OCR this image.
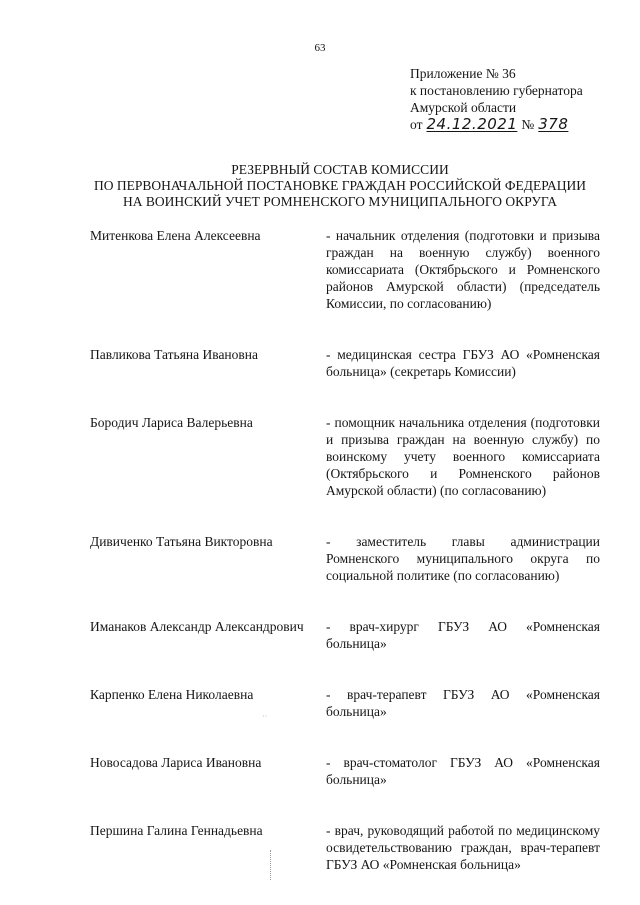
63
Приложение № 36
к постановлению губернатора
Амурской области
от 24.12.2021 № 378
РЕЗЕРВНЫЙ СОСТАВ КОМИССИИ
ПО ПЕРВОНАЧАЛЬНОЙ ПОСТАНОВКЕ ГРАЖДАН РОССИЙСКОЙ ФЕДЕРАЦИИ
НА ВОИНСКИЙ УЧЕТ РОМНЕНСКОГО МУНИЦИПАЛЬНОГО ОКРУГА
Митенкова Елена Алексеевна	- начальник отделения (подготовки и призыва граждан на военную службу) военного комиссариата (Октябрьского и Ромненского районов Амурской области) (председатель Комиссии, по согласованию)
Павликова Татьяна Ивановна	- медицинская сестра ГБУЗ АО «Ромненская больница» (секретарь Комиссии)
Бородич Лариса Валерьевна	- помощник начальника отделения (подготовки и призыва граждан на военную службу) по воинскому учету военного комиссариата (Октябрьского и Ромненского районов Амурской области) (по согласованию)
Дивиченко Татьяна Викторовна	- заместитель главы администрации Ромненского муниципального округа по социальной политике (по согласованию)
Иманаков Александр Александрович	- врач-хирург ГБУЗ АО «Ромненская больница»
Карпенко Елена Николаевна	- врач-терапевт ГБУЗ АО «Ромненская больница»
Новосадова Лариса Ивановна	- врач-стоматолог ГБУЗ АО «Ромненская больница»
Першина Галина Геннадьевна	- врач, руководящий работой по медицинскому освидетельствованию граждан, врач-терапевт ГБУЗ АО «Ромненская больница»
··
